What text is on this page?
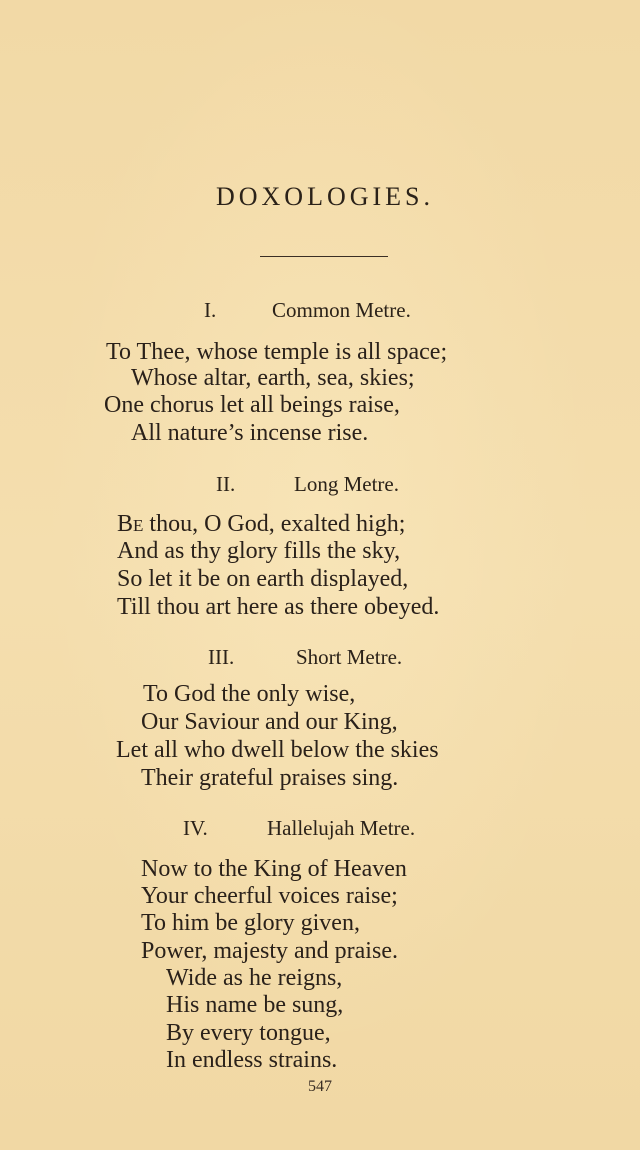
DOXOLOGIES.
I.	Common Metre.
To Thee, whose temple is all space;
Whose altar, earth, sea, skies;
One chorus let all beings raise,
All nature’s incense rise.
II.	Long Metre.
Be thou, O God, exalted high;
And as thy glory fills the sky,
So let it be on earth displayed,
Till thou art here as there obeyed.
III.	Short Metre.
To God the only wise,
Our Saviour and our King,
Let all who dwell below the skies
Their grateful praises sing.
IV.	Hallelujah Metre.
Now to the King of Heaven
Your cheerful voices raise;
To him be glory given,
Power, majesty and praise.
Wide as he reigns,
His name be sung,
By every tongue,
In endless strains.
547
